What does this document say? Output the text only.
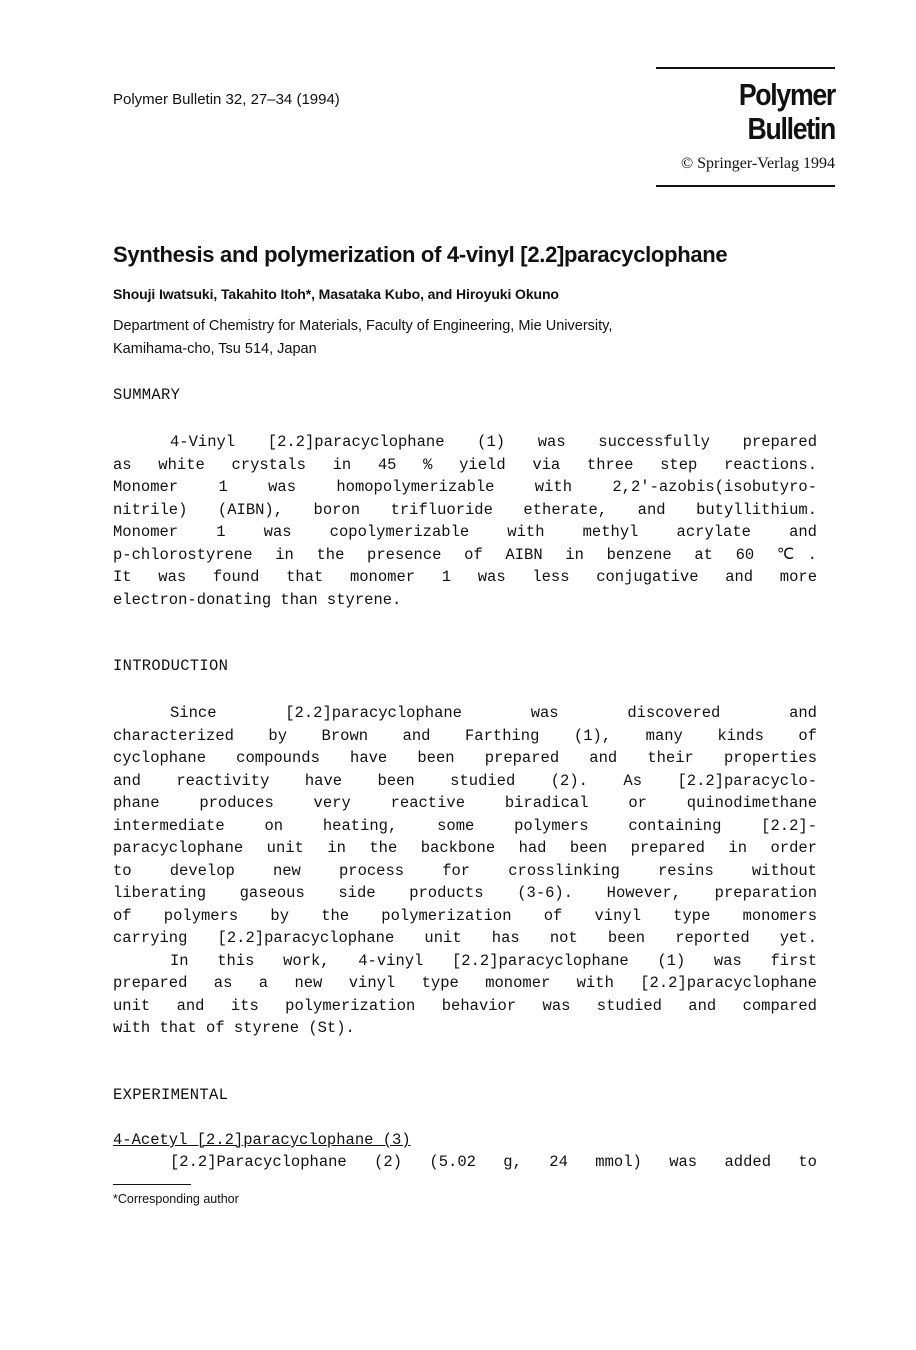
Polymer Bulletin 32, 27–34 (1994)	Polymer Bulletin
© Springer-Verlag 1994
Synthesis and polymerization of 4-vinyl [2.2]paracyclophane
Shouji Iwatsuki, Takahito Itoh*, Masataka Kubo, and Hiroyuki Okuno
Department of Chemistry for Materials, Faculty of Engineering, Mie University,
Kamihama-cho, Tsu 514, Japan
SUMMARY
4-Vinyl [2.2]paracyclophane (1) was successfully prepared
as white crystals in 45 % yield via three step reactions.
Monomer 1 was homopolymerizable with 2,2'-azobis(isobutyro-
nitrile) (AIBN), boron trifluoride etherate, and butyllithium.
Monomer 1 was copolymerizable with methyl acrylate and
p-chlorostyrene in the presence of AIBN in benzene at 60 ℃.
It was found that monomer 1 was less conjugative and more
electron-donating than styrene.
INTRODUCTION
Since [2.2]paracyclophane was discovered and
characterized by Brown and Farthing (1), many kinds of
cyclophane compounds have been prepared and their properties
and reactivity have been studied (2). As [2.2]paracyclo-
phane produces very reactive biradical or quinodimethane
intermediate on heating, some polymers containing [2.2]-
paracyclophane unit in the backbone had been prepared in order
to develop new process for crosslinking resins without
liberating gaseous side products (3-6). However, preparation
of polymers by the polymerization of vinyl type monomers
carrying [2.2]paracyclophane unit has not been reported yet.
In this work, 4-vinyl [2.2]paracyclophane (1) was first
prepared as a new vinyl type monomer with [2.2]paracyclophane
unit and its polymerization behavior was studied and compared
with that of styrene (St).
EXPERIMENTAL
4-Acetyl [2.2]paracyclophane (3)
[2.2]Paracyclophane (2) (5.02 g, 24 mmol) was added to
*Corresponding author
